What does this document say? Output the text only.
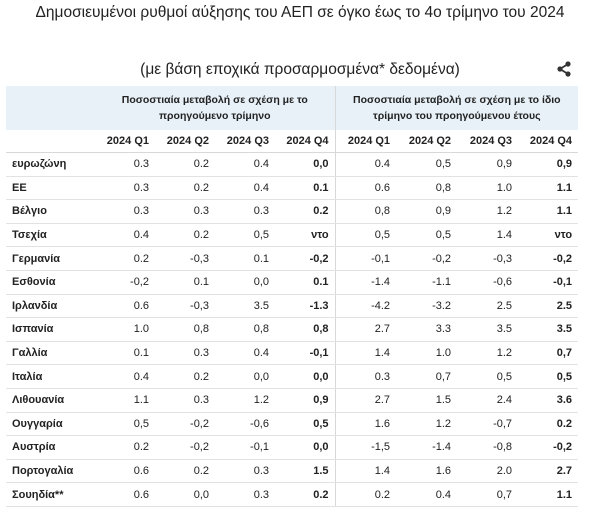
Δημοσιευμένοι ρυθμοί αύξησης του ΑΕΠ σε όγκο έως το 4ο τρίμηνο του 2024
(με βάση εποχικά προσαρμοσμένα* δεδομένα)
	Ποσοστιαία μεταβολή σε σχέση με το προηγούμενο τρίμηνο				Ποσοστιαία μεταβολή σε σχέση με το ίδιο τρίμηνο του προηγούμενου έτους			
	2024 Q1	2024 Q2	2024 Q3	2024 Q4	2024 Q1	2024 Q2	2024 Q3	2024 Q4
ευρωζώνη	0.3	0.2	0.4	0,0	0.4	0,5	0,9	0,9
ΕΕ	0.3	0.2	0.4	0.1	0.6	0,8	1.0	1.1
Βέλγιο	0.3	0.3	0.3	0.2	0,8	0,9	1.2	1.1
Τσεχία	0.4	0.2	0,5	ντο	0,5	0,5	1.4	ντο
Γερμανία	0.2	-0,3	0.1	-0,2	-0,1	-0,2	-0,3	-0,2
Εσθονία	-0,2	0.1	0,0	0.1	-1.4	-1.1	-0,6	-0,1
Ιρλανδία	0.6	-0,3	3.5	-1.3	-4.2	-3.2	2.5	2.5
Ισπανία	1.0	0,8	0,8	0,8	2.7	3.3	3.5	3.5
Γαλλία	0.1	0.3	0.4	-0,1	1.4	1.0	1.2	0,7
Ιταλία	0.4	0.2	0,0	0,0	0.3	0,7	0,5	0,5
Λιθουανία	1.1	0.3	1.2	0,9	2.7	1.5	2.4	3.6
Ουγγαρία	0,5	-0,2	-0,6	0,5	1.6	1.2	-0,7	0.2
Αυστρία	0.2	-0,2	-0,1	0,0	-1,5	-1.4	-0,8	-0,2
Πορτογαλία	0.6	0.2	0.3	1.5	1.4	1.6	2.0	2.7
Σουηδία**	0.6	0,0	0.3	0.2	0.2	0.4	0,7	1.1
